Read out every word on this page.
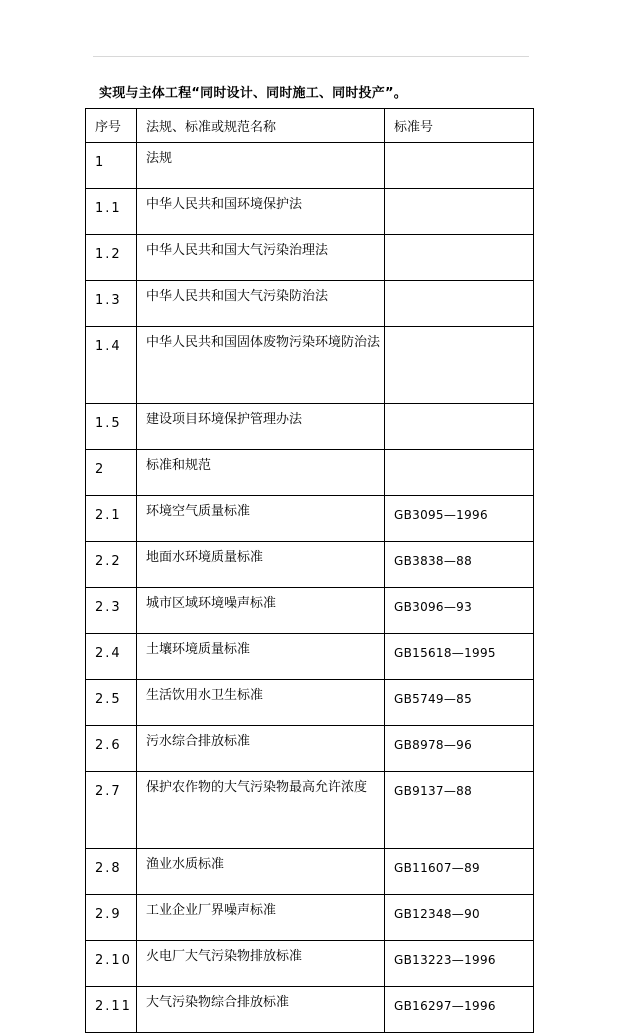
实现与主体工程“同时设计、同时施工、同时投产”。
序号	法规、标准或规范名称	标准号
1	法规	

1.1	中华人民共和国环境保护法	

1.2	中华人民共和国大气污染治理法	

1.3	中华人民共和国大气污染防治法	

1.4	中华人民共和国固体废物污染环境防治法	

1.5	建设项目环境保护管理办法	

2	标准和规范	

2.1	环境空气质量标准	GB3095—1996
2.2	地面水环境质量标准	GB3838—88
2.3	城市区域环境噪声标准	GB3096—93
2.4	土壤环境质量标准	GB15618—1995
2.5	生活饮用水卫生标准	GB5749—85
2.6	污水综合排放标准	GB8978—96
2.7	保护农作物的大气污染物最高允许浓度	GB9137—88
2.8	渔业水质标准	GB11607—89
2.9	工业企业厂界噪声标准	GB12348—90
2.10	火电厂大气污染物排放标准	GB13223—1996
2.11	大气污染物综合排放标准	GB16297—1996
